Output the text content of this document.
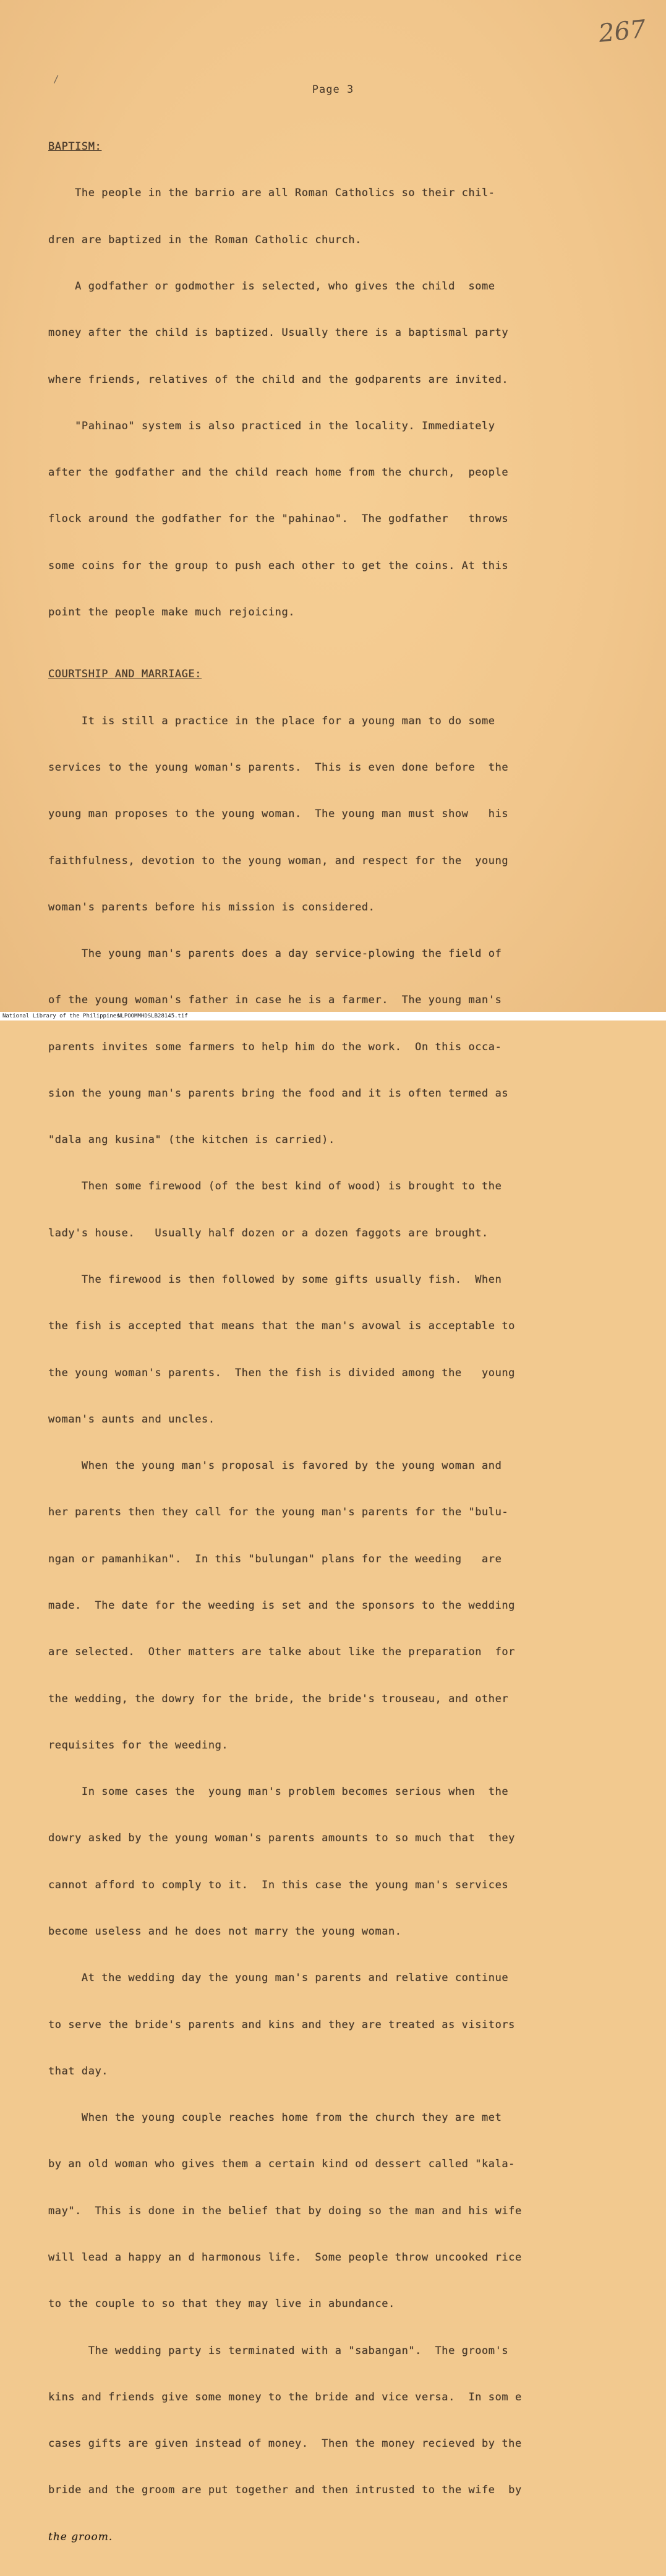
267
/
Page 3

BAPTISM:

The people in the barrio are all Roman Catholics so their chil-

dren are baptized in the Roman Catholic church.

A godfather or godmother is selected, who gives the child  some

money after the child is baptized. Usually there is a baptismal party

where friends, relatives of the child and the godparents are invited.

"Pahinao" system is also practiced in the locality. Immediately

after the godfather and the child reach home from the church,  people

flock around the godfather for the "pahinao".  The godfather   throws

some coins for the group to push each other to get the coins. At this

point the people make much rejoicing.

COURTSHIP AND MARRIAGE:

It is still a practice in the place for a young man to do some

services to the young woman's parents.  This is even done before  the

young man proposes to the young woman.  The young man must show   his

faithfulness, devotion to the young woman, and respect for the  young

woman's parents before his mission is considered.

The young man's parents does a day service-plowing the field of

of the young woman's father in case he is a farmer.  The young man's

parents invites some farmers to help him do the work.  On this occa-

sion the young man's parents bring the food and it is often termed as

"dala ang kusina" (the kitchen is carried).

Then some firewood (of the best kind of wood) is brought to the

lady's house.   Usually half dozen or a dozen faggots are brought.

The firewood is then followed by some gifts usually fish.  When

the fish is accepted that means that the man's avowal is acceptable to

the young woman's parents.  Then the fish is divided among the   young

woman's aunts and uncles.

When the young man's proposal is favored by the young woman and

her parents then they call for the young man's parents for the "bulu-

ngan or pamanhikan".  In this "bulungan" plans for the weeding   are

made.  The date for the weeding is set and the sponsors to the wedding

are selected.  Other matters are talke about like the preparation  for

the wedding, the dowry for the bride, the bride's trouseau, and other

requisites for the weeding.

In some cases the  young man's problem becomes serious when  the

dowry asked by the young woman's parents amounts to so much that  they

cannot afford to comply to it.  In this case the young man's services

become useless and he does not marry the young woman.

At the wedding day the young man's parents and relative continue

to serve the bride's parents and kins and they are treated as visitors

that day.

When the young couple reaches home from the church they are met

by an old woman who gives them a certain kind od dessert called "kala-

may".  This is done in the belief that by doing so the man and his wife

will lead a happy an d harmonous life.  Some people throw uncooked rice

to the couple to so that they may live in abundance.

The wedding party is terminated with a "sabangan".  The groom's

kins and friends give some money to the bride and vice versa.  In som e

cases gifts are given instead of money.  Then the money recieved by the

bride and the groom are put together and then intrusted to the wife  by

the groom.

National Library of the Philippines
NLPOOMMHDSLB28145.tif
